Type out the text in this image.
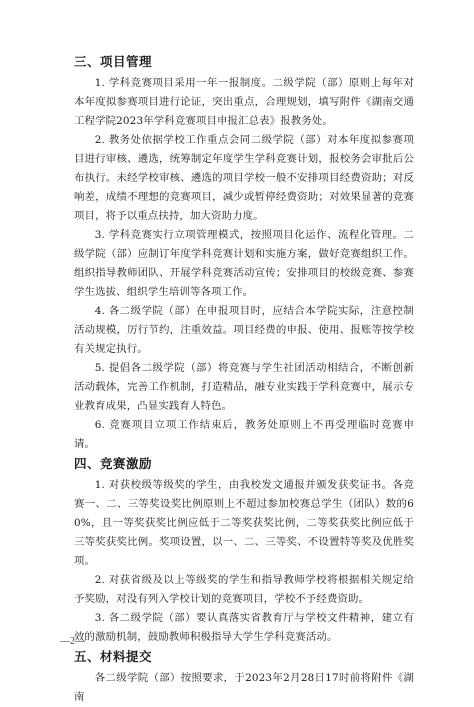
三、项目管理

1. 学科竞赛项目采用一年一报制度。二级学院（部）原则上每年对本年度拟参赛项目进行论证，突出重点，合理规划，填写附件《湖南交通工程学院2023年学科竞赛项目申报汇总表》报教务处。

2. 教务处依据学校工作重点会同二级学院（部）对本年度拟参赛项目进行审核、遴选，统筹制定年度学生学科竞赛计划，报校务会审批后公布执行。未经学校审核、遴选的项目学校一般不安排项目经费资助；对反响差，成绩不理想的竞赛项目，减少或暂停经费资助；对效果显著的竞赛项目，将予以重点扶持，加大资助力度。

3. 学科竞赛实行立项管理模式，按照项目化运作、流程化管理。二级学院（部）应制订年度学科竞赛计划和实施方案，做好竞赛组织工作。组织指导教师团队、开展学科竞赛活动宣传；安排项目的校级竞赛、参赛学生选拔、组织学生培训等各项工作。

4. 各二级学院（部）在申报项目时，应结合本学院实际，注意控制活动规模，厉行节约，注重效益。项目经费的申报、使用、报账等按学校有关规定执行。

5. 提倡各二级学院（部）将竞赛与学生社团活动相结合，不断创新活动载体，完善工作机制，打造精品，融专业实践于学科竞赛中，展示专业教育成果，凸显实践育人特色。

6. 竞赛项目立项工作结束后，教务处原则上不再受理临时竞赛申请。

四、竞赛激励

1. 对获校级等级奖的学生，由我校发文通报并颁发获奖证书。各竞赛一、二、三等奖设奖比例原则上不超过参加校赛总学生（团队）数的60%，且一等奖获奖比例应低于二等奖获奖比例，二等奖获奖比例应低于三等奖获奖比例。奖项设置，以一、二、三等奖、不设置特等奖及优胜奖项。

2. 对获省级及以上等级奖的学生和指导教师学校将根据相关规定给予奖励，对没有列入学校计划的竞赛项目，学校不予经费资助。

3. 各二级学院（部）要认真落实省教育厅与学校文件精神，建立有效的激励机制，鼓励教师积极指导大学生学科竞赛活动。

五、材料提交

各二级学院（部）按照要求，于2023年2月28日17时前将附件《湖南

—2—
